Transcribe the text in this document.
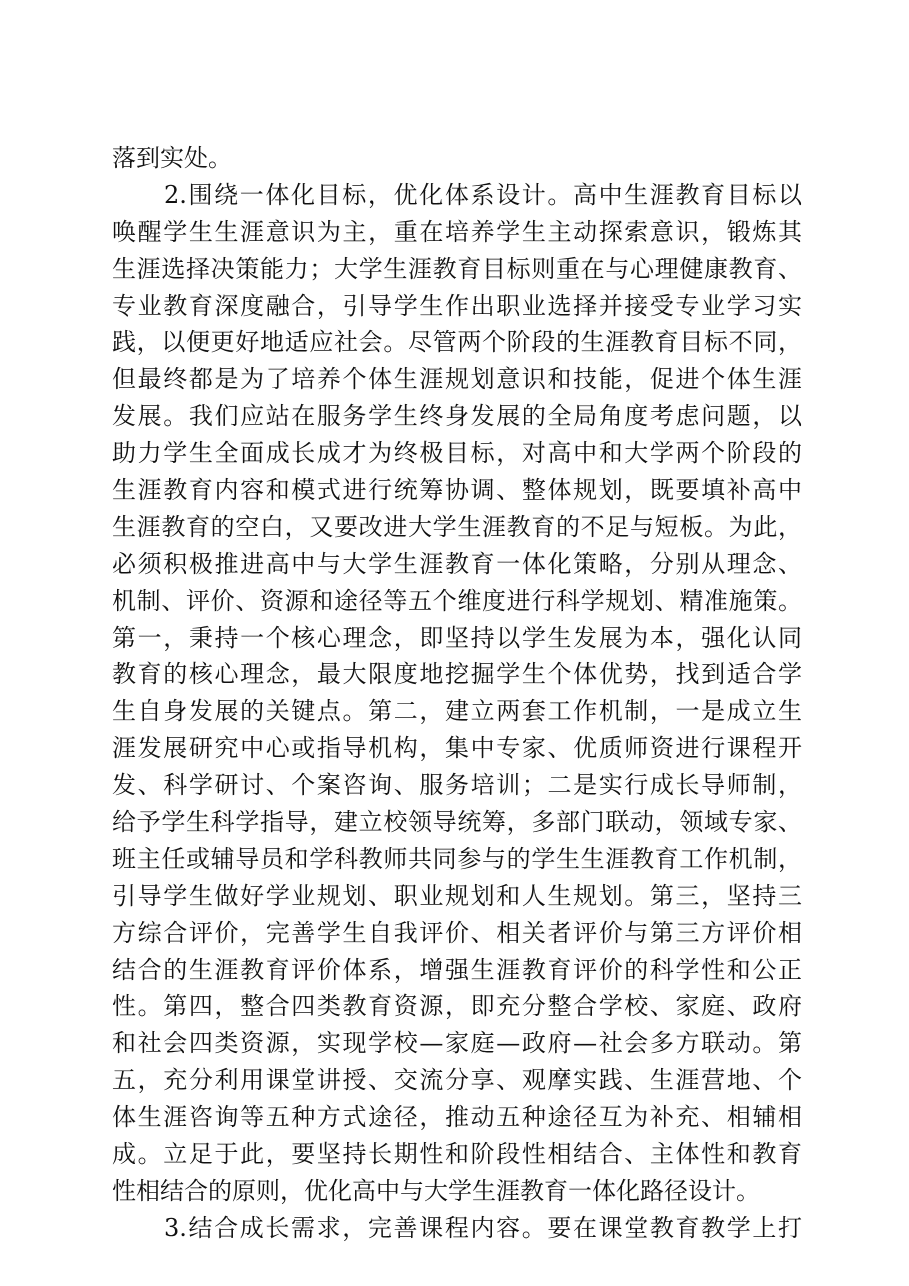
落到实处。
2.围绕一体化目标，优化体系设计。高中生涯教育目标以
唤醒学生生涯意识为主，重在培养学生主动探索意识，锻炼其
生涯选择决策能力；大学生涯教育目标则重在与心理健康教育、
专业教育深度融合，引导学生作出职业选择并接受专业学习实
践，以便更好地适应社会。尽管两个阶段的生涯教育目标不同，
但最终都是为了培养个体生涯规划意识和技能，促进个体生涯
发展。我们应站在服务学生终身发展的全局角度考虑问题，以
助力学生全面成长成才为终极目标，对高中和大学两个阶段的
生涯教育内容和模式进行统筹协调、整体规划，既要填补高中
生涯教育的空白，又要改进大学生涯教育的不足与短板。为此，
必须积极推进高中与大学生涯教育一体化策略，分别从理念、
机制、评价、资源和途径等五个维度进行科学规划、精准施策。
第一，秉持一个核心理念，即坚持以学生发展为本，强化认同
教育的核心理念，最大限度地挖掘学生个体优势，找到适合学
生自身发展的关键点。第二，建立两套工作机制，一是成立生
涯发展研究中心或指导机构，集中专家、优质师资进行课程开
发、科学研讨、个案咨询、服务培训；二是实行成长导师制，
给予学生科学指导，建立校领导统筹，多部门联动，领域专家、
班主任或辅导员和学科教师共同参与的学生生涯教育工作机制，
引导学生做好学业规划、职业规划和人生规划。第三，坚持三
方综合评价，完善学生自我评价、相关者评价与第三方评价相
结合的生涯教育评价体系，增强生涯教育评价的科学性和公正
性。第四，整合四类教育资源，即充分整合学校、家庭、政府
和社会四类资源，实现学校—家庭—政府—社会多方联动。第
五，充分利用课堂讲授、交流分享、观摩实践、生涯营地、个
体生涯咨询等五种方式途径，推动五种途径互为补充、相辅相
成。立足于此，要坚持长期性和阶段性相结合、主体性和教育
性相结合的原则，优化高中与大学生涯教育一体化路径设计。
3.结合成长需求，完善课程内容。要在课堂教育教学上打
